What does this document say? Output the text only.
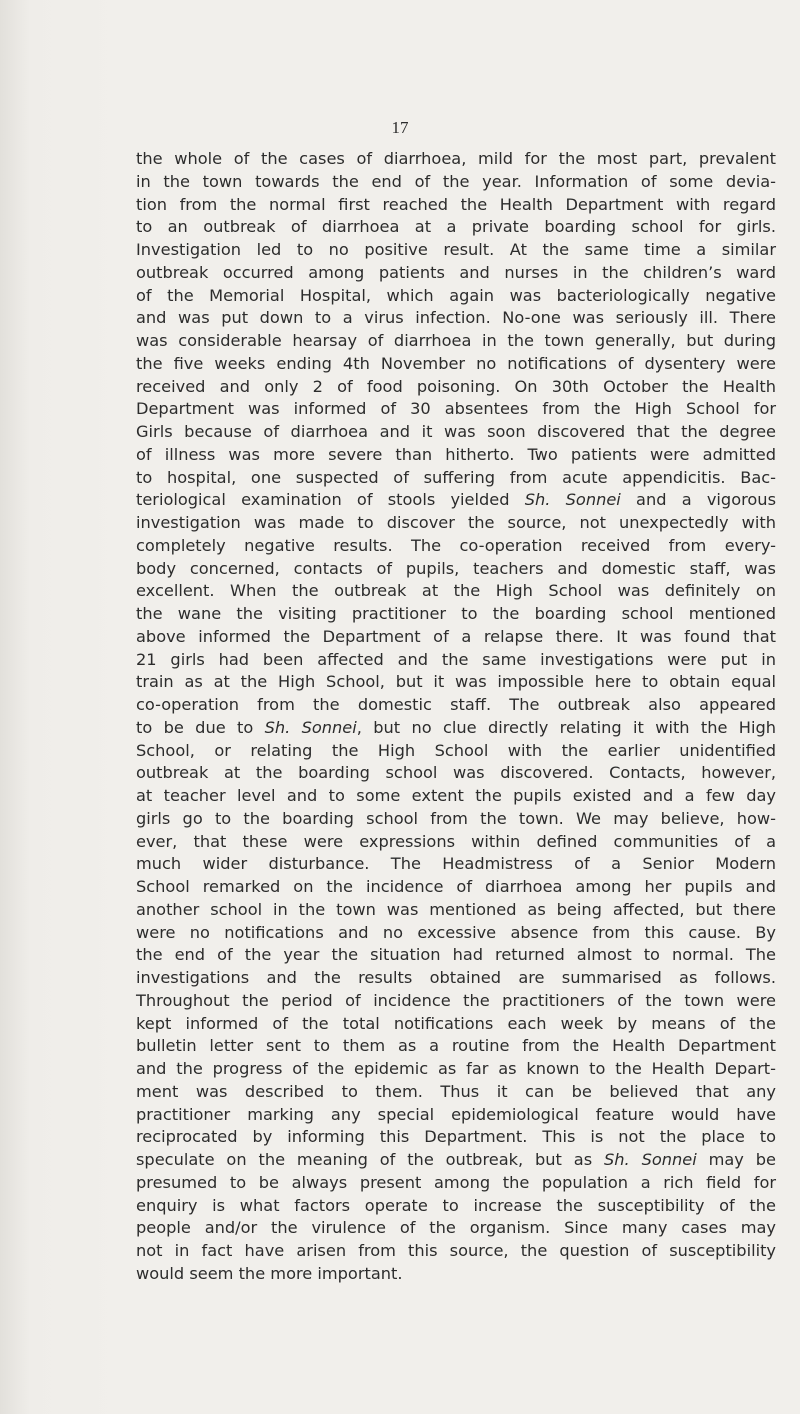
17
the whole of the cases of diarrhoea, mild for the most part, prevalent
in the town towards the end of the year. Information of some devia-
tion from the normal first reached the Health Department with regard
to an outbreak of diarrhoea at a private boarding school for girls.
Investigation led to no positive result. At the same time a similar
outbreak occurred among patients and nurses in the children’s ward
of the Memorial Hospital, which again was bacteriologically negative
and was put down to a virus infection. No-one was seriously ill. There
was considerable hearsay of diarrhoea in the town generally, but during
the five weeks ending 4th November no notifications of dysentery were
received and only 2 of food poisoning. On 30th October the Health
Department was informed of 30 absentees from the High School for
Girls because of diarrhoea and it was soon discovered that the degree
of illness was more severe than hitherto. Two patients were admitted
to hospital, one suspected of suffering from acute appendicitis. Bac-
teriological examination of stools yielded Sh. Sonnei and a vigorous
investigation was made to discover the source, not unexpectedly with
completely negative results. The co-operation received from every-
body concerned, contacts of pupils, teachers and domestic staff, was
excellent. When the outbreak at the High School was definitely on
the wane the visiting practitioner to the boarding school mentioned
above informed the Department of a relapse there. It was found that
21 girls had been affected and the same investigations were put in
train as at the High School, but it was impossible here to obtain equal
co-operation from the domestic staff. The outbreak also appeared
to be due to Sh. Sonnei, but no clue directly relating it with the High
School, or relating the High School with the earlier unidentified
outbreak at the boarding school was discovered. Contacts, however,
at teacher level and to some extent the pupils existed and a few day
girls go to the boarding school from the town. We may believe, how-
ever, that these were expressions within defined communities of a
much wider disturbance. The Headmistress of a Senior Modern
School remarked on the incidence of diarrhoea among her pupils and
another school in the town was mentioned as being affected, but there
were no notifications and no excessive absence from this cause. By
the end of the year the situation had returned almost to normal. The
investigations and the results obtained are summarised as follows.
Throughout the period of incidence the practitioners of the town were
kept informed of the total notifications each week by means of the
bulletin letter sent to them as a routine from the Health Department
and the progress of the epidemic as far as known to the Health Depart-
ment was described to them. Thus it can be believed that any
practitioner marking any special epidemiological feature would have
reciprocated by informing this Department. This is not the place to
speculate on the meaning of the outbreak, but as Sh. Sonnei may be
presumed to be always present among the population a rich field for
enquiry is what factors operate to increase the susceptibility of the
people and/or the virulence of the organism. Since many cases may
not in fact have arisen from this source, the question of susceptibility
would seem the more important.
